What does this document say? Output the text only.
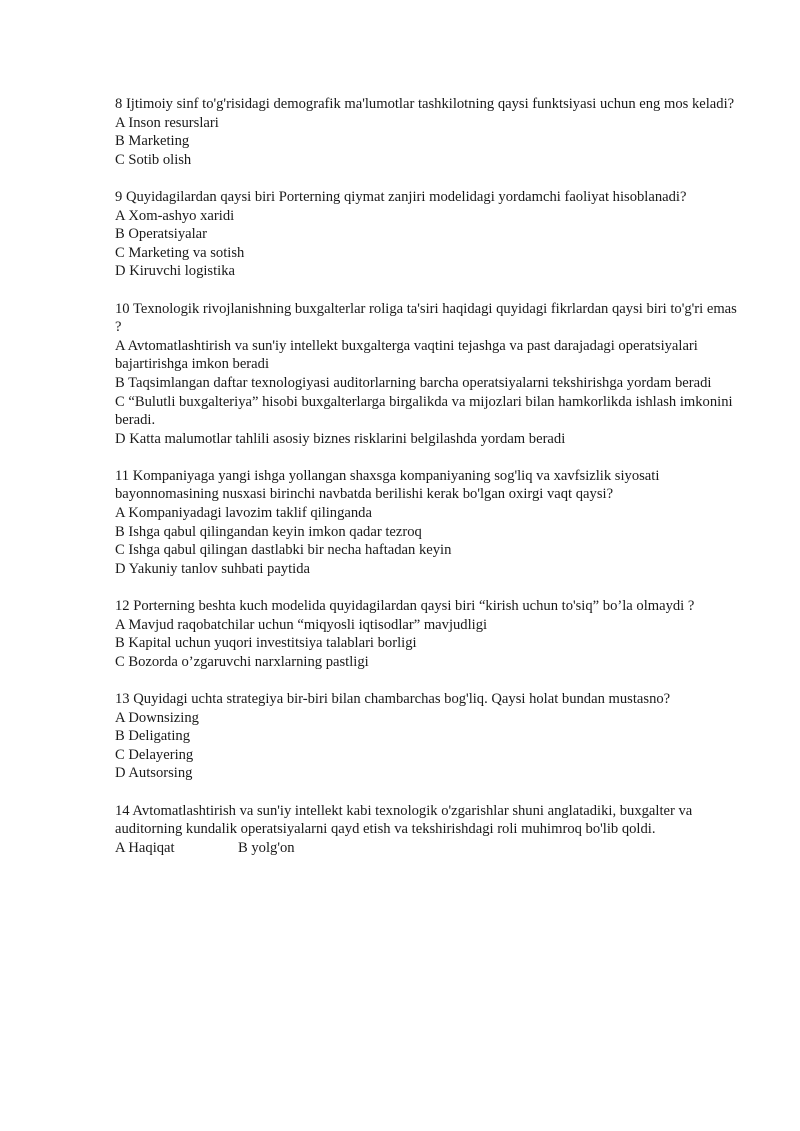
8 Ijtimoiy sinf to'g'risidagi demografik ma'lumotlar tashkilotning qaysi funktsiyasi uchun eng mos keladi?

A Inson resurslari
B Marketing
C Sotib olish

9 Quyidagilardan qaysi biri Porterning qiymat zanjiri modelidagi yordamchi faoliyat hisoblanadi?

A Xom-ashyo xaridi
B Operatsiyalar
C Marketing va sotish
D Kiruvchi logistika

10 Texnologik rivojlanishning buxgalterlar roliga ta'siri haqidagi quyidagi fikrlardan qaysi biri to'g'ri emas ?

A Avtomatlashtirish va sun'iy intellekt buxgalterga vaqtini tejashga va past darajadagi operatsiyalari bajartirishga imkon beradi
B Taqsimlangan daftar texnologiyasi auditorlarning barcha operatsiyalarni tekshirishga yordam beradi
C “Bulutli buxgalteriya” hisobi buxgalterlarga birgalikda va mijozlari bilan hamkorlikda ishlash imkonini beradi.
D Katta malumotlar tahlili asosiy biznes risklarini belgilashda yordam beradi

11 Kompaniyaga yangi ishga yollangan shaxsga kompaniyaning sog'liq va xavfsizlik siyosati bayonnomasining nusxasi birinchi navbatda berilishi kerak bo'lgan oxirgi vaqt qaysi?

A Kompaniyadagi lavozim taklif qilinganda
B Ishga qabul qilingandan keyin imkon qadar tezroq
C Ishga qabul qilingan dastlabki bir necha haftadan keyin
D Yakuniy tanlov suhbati paytida

12 Porterning beshta kuch modelida quyidagilardan qaysi biri “kirish uchun to'siq” bo’la olmaydi ?

A Mavjud raqobatchilar uchun “miqyosli iqtisodlar” mavjudligi
B Kapital uchun yuqori investitsiya talablari borligi
C Bozorda o’zgaruvchi narxlarning pastligi

13 Quyidagi uchta strategiya bir-biri bilan chambarchas bog'liq. Qaysi holat bundan mustasno?

A Downsizing
B Deligating
C Delayering
D Autsorsing

14 Avtomatlashtirish va sun'iy intellekt kabi texnologik o'zgarishlar shuni anglatadiki, buxgalter va auditorning kundalik operatsiyalarni qayd etish va tekshirishdagi roli muhimroq bo'lib qoldi.

A Haqiqat	B yolg'on
